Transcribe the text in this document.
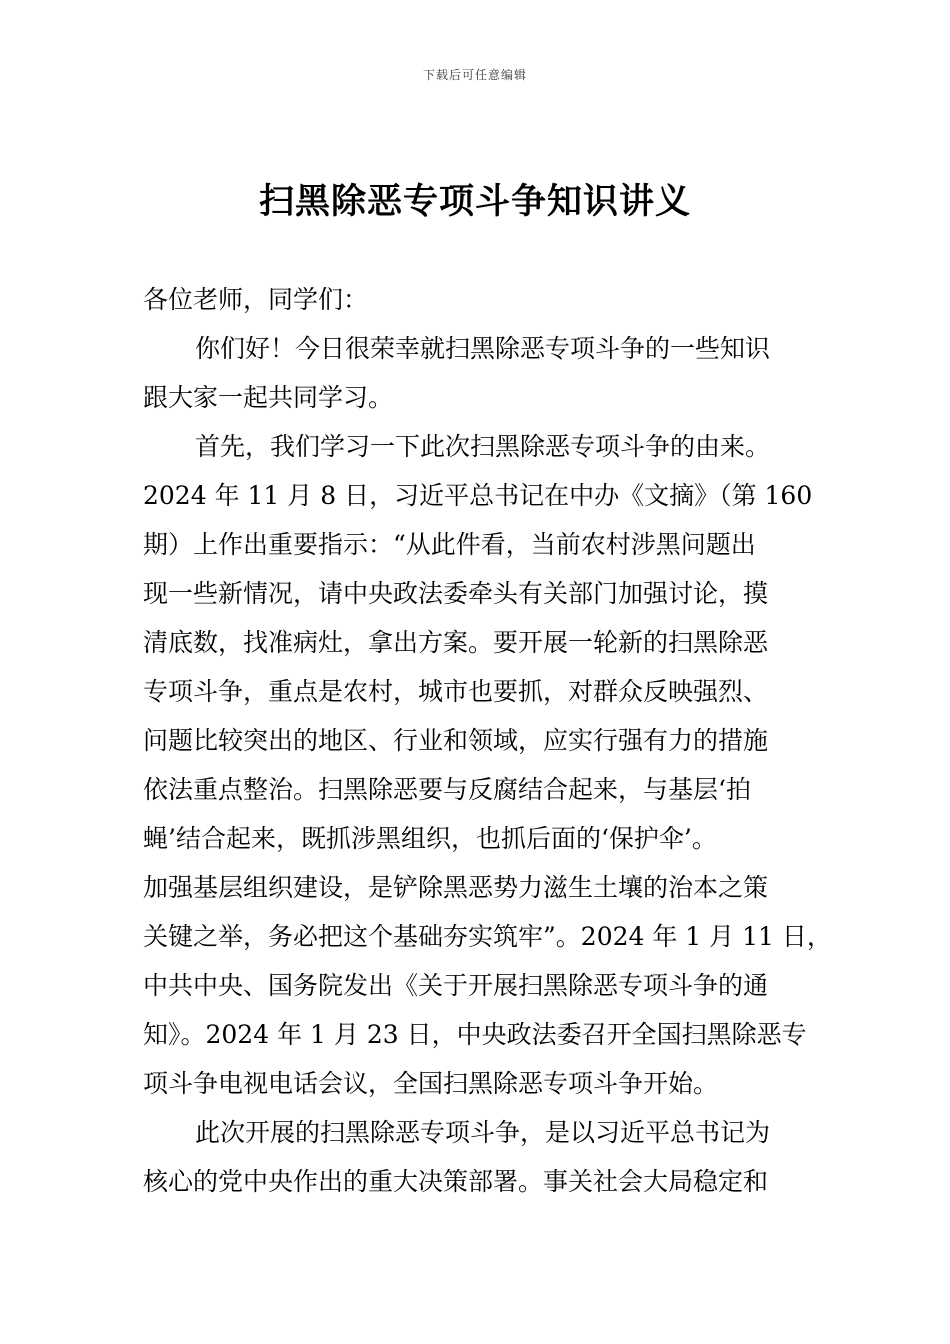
下载后可任意编辑
扫黑除恶专项斗争知识讲义

各位老师，同学们：

你们好！今日很荣幸就扫黑除恶专项斗争的一些知识
跟大家一起共同学习。

首先，我们学习一下此次扫黑除恶专项斗争的由来。
2024 年 11 月 8 日，习近平总书记在中办《文摘》（第 160
期）上作出重要指示：“从此件看，当前农村涉黑问题出
现一些新情况，请中央政法委牵头有关部门加强讨论，摸
清底数，找准病灶，拿出方案。要开展一轮新的扫黑除恶
专项斗争，重点是农村，城市也要抓，对群众反映强烈、
问题比较突出的地区、行业和领域，应实行强有力的措施
依法重点整治。扫黑除恶要与反腐结合起来，与基层‘拍
蝇’结合起来，既抓涉黑组织，也抓后面的‘保护伞’。
加强基层组织建设，是铲除黑恶势力滋生土壤的治本之策
关键之举，务必把这个基础夯实筑牢”。2024 年 1 月 11 日，
中共中央、国务院发出《关于开展扫黑除恶专项斗争的通
知》。2024 年 1 月 23 日，中央政法委召开全国扫黑除恶专
项斗争电视电话会议，全国扫黑除恶专项斗争开始。

此次开展的扫黑除恶专项斗争，是以习近平总书记为
核心的党中央作出的重大决策部署。事关社会大局稳定和
